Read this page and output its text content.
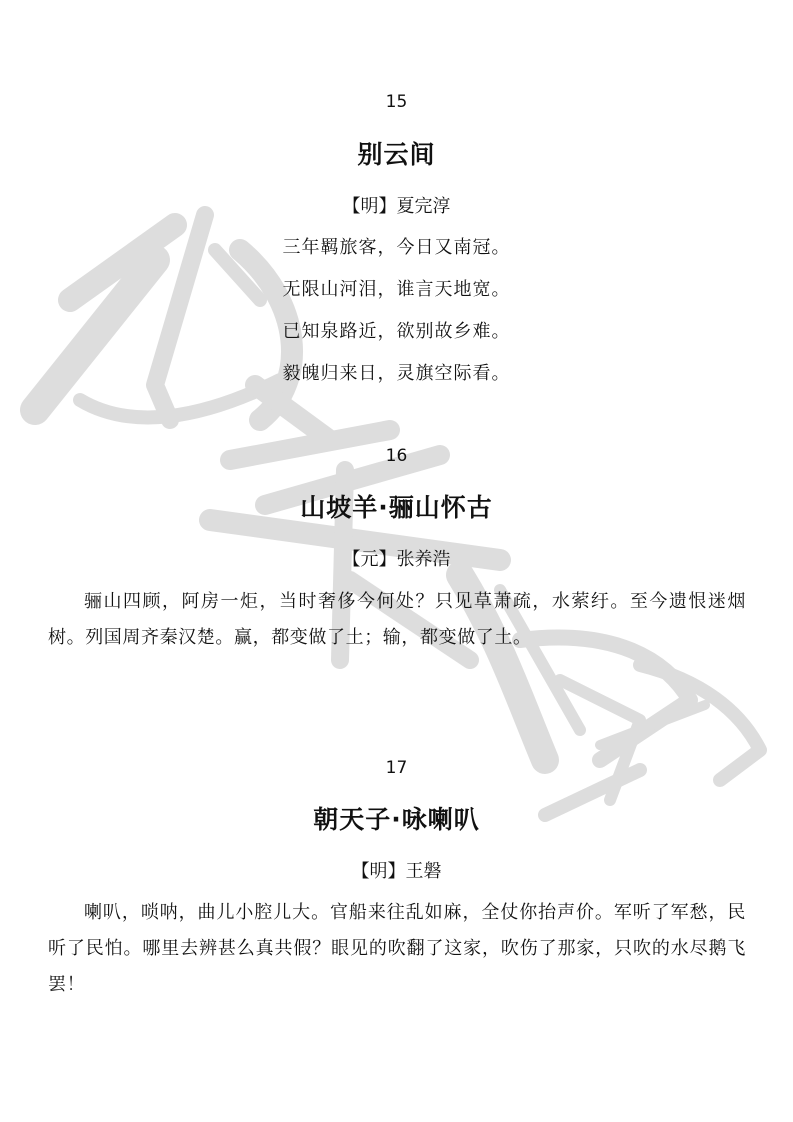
15
别云间
【明】夏完淳
三年羁旅客，今日又南冠。
无限山河泪，谁言天地宽。
已知泉路近，欲别故乡难。
毅魄归来日，灵旗空际看。
16
山坡羊·骊山怀古
【元】张养浩

骊山四顾，阿房一炬，当时奢侈今何处？只见草萧疏，水萦纡。至今遗恨迷烟树。列国周齐秦汉楚。赢，都变做了土；输，都变做了土。

17
朝天子·咏喇叭
【明】王磐

喇叭，唢呐，曲儿小腔儿大。官船来往乱如麻，全仗你抬声价。军听了军愁，民听了民怕。哪里去辨甚么真共假？眼见的吹翻了这家，吹伤了那家，只吹的水尽鹅飞罢！
